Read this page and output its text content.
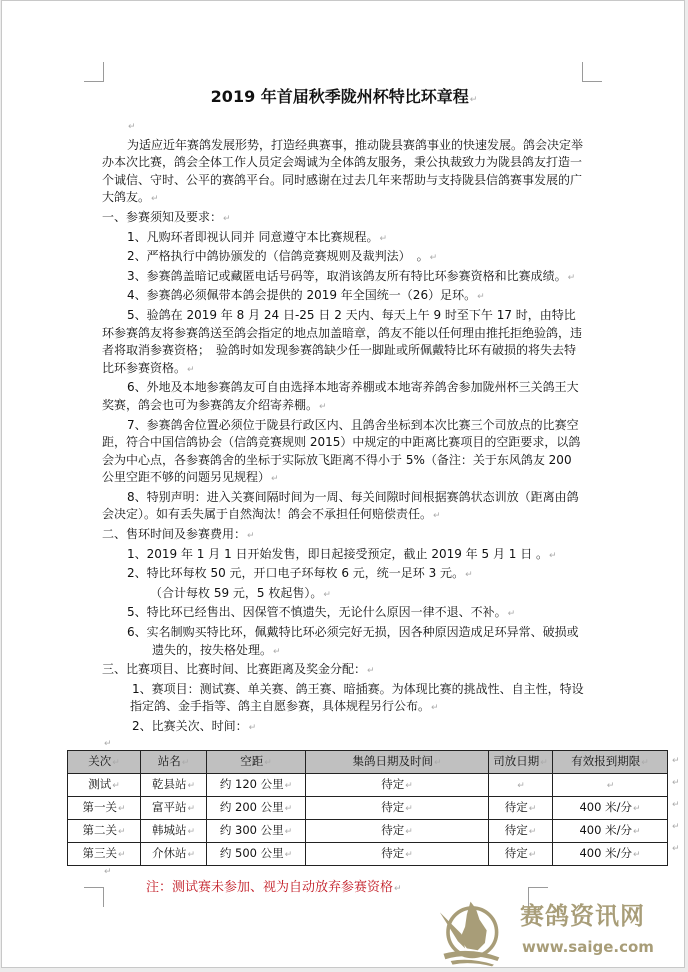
赛鸽资讯网
www.saige.com
2019 年首届秋季陇州杯特比环章程↵

↵

为适应近年赛鸽发展形势，打造经典赛事，推动陇县赛鸽事业的快速发展。鸽会决定举办本次比赛，鸽会全体工作人员定会竭诚为全体鸽友服务，秉公执裁致力为陇县鸽友打造一个诚信、守时、公平的赛鸽平台。同时感谢在过去几年来帮助与支持陇县信鸽赛事发展的广大鸽友。↵

一、参赛须知及要求：↵

1、凡购环者即视认同并 同意遵守本比赛规程。↵

2、严格执行中鸽协颁发的（信鸽竞赛规则及裁判法）　。↵

3、参赛鸽盖暗记或藏匿电话号码等，取消该鸽友所有特比环参赛资格和比赛成绩。↵

4、参赛鸽必须佩带本鸽会提供的 2019 年全国统一（26）足环。↵

5、验鸽在 2019 年 8 月 24 日-25 日 2 天内、每天上午 9 时至下午 17 时，由特比环参赛鸽友将参赛鸽送至鸽会指定的地点加盖暗章，鸽友不能以任何理由推托拒绝验鸽，违者将取消参赛资格；　验鸽时如发现参赛鸽缺少任一脚趾或所佩戴特比环有破损的将失去特比环参赛资格。↵

6、外地及本地参赛鸽友可自由选择本地寄养棚或本地寄养鸽舍参加陇州杯三关鸽王大奖赛，鸽会也可为参赛鸽友介绍寄养棚。↵

7、参赛鸽舍位置必须位于陇县行政区内、且鸽舍坐标到本次比赛三个司放点的比赛空距，符合中国信鸽协会（信鸽竞赛规则 2015）中规定的中距离比赛项目的空距要求，以鸽会为中心点，各参赛鸽舍的坐标于实际放飞距离不得小于 5%（备注：关于东风鸽友 200 公里空距不够的问题另见规程）↵

8、特别声明：进入关赛间隔时间为一周、每关间隙时间根据赛鸽状态训放（距离由鸽会决定）。如有丢失属于自然淘汰！鸽会不承担任何赔偿责任。↵

二、售环时间及参赛费用：↵

1、2019 年 1 月 1 日开始发售，即日起接受预定，截止 2019 年 5 月 1 日 。↵

2、特比环每枚 50 元，开口电子环每枚 6 元，统一足环 3 元。↵

（合计每枚 59 元，5 枚起售）。↵

5、特比环已经售出、因保管不慎遗失，无论什么原因一律不退、不补。↵

6、实名制购买特比环，佩戴特比环必须完好无损，因各种原因造成足环异常、破损或遗失的，按失格处理。↵

三、比赛项目、比赛时间、比赛距离及奖金分配：↵

1、赛项目：测试赛、单关赛、鸽王赛、暗插赛。为体现比赛的挑战性、自主性，特设指定鸽、金手指等、鸽主自愿参赛，具体规程另行公布。↵

2、比赛关次、时间：↵

↵
关次↵	站名↵	空距↵	集鸽日期及时间↵	司放日期↵	有效报到期限↵
测试↵	乾县站↵	约 120 公里↵	待定↵	↵	↵
第一关↵	富平站↵	约 200 公里↵	待定↵	待定↵	400 米/分↵
第二关↵	韩城站↵	约 300 公里↵	待定↵	待定↵	400 米/分↵
第三关↵	介休站↵	约 500 公里↵	待定↵	待定↵	400 米/分↵
↵
↵
↵
↵
↵
↵
注：测试赛未参加、视为自动放弃参赛资格↵
